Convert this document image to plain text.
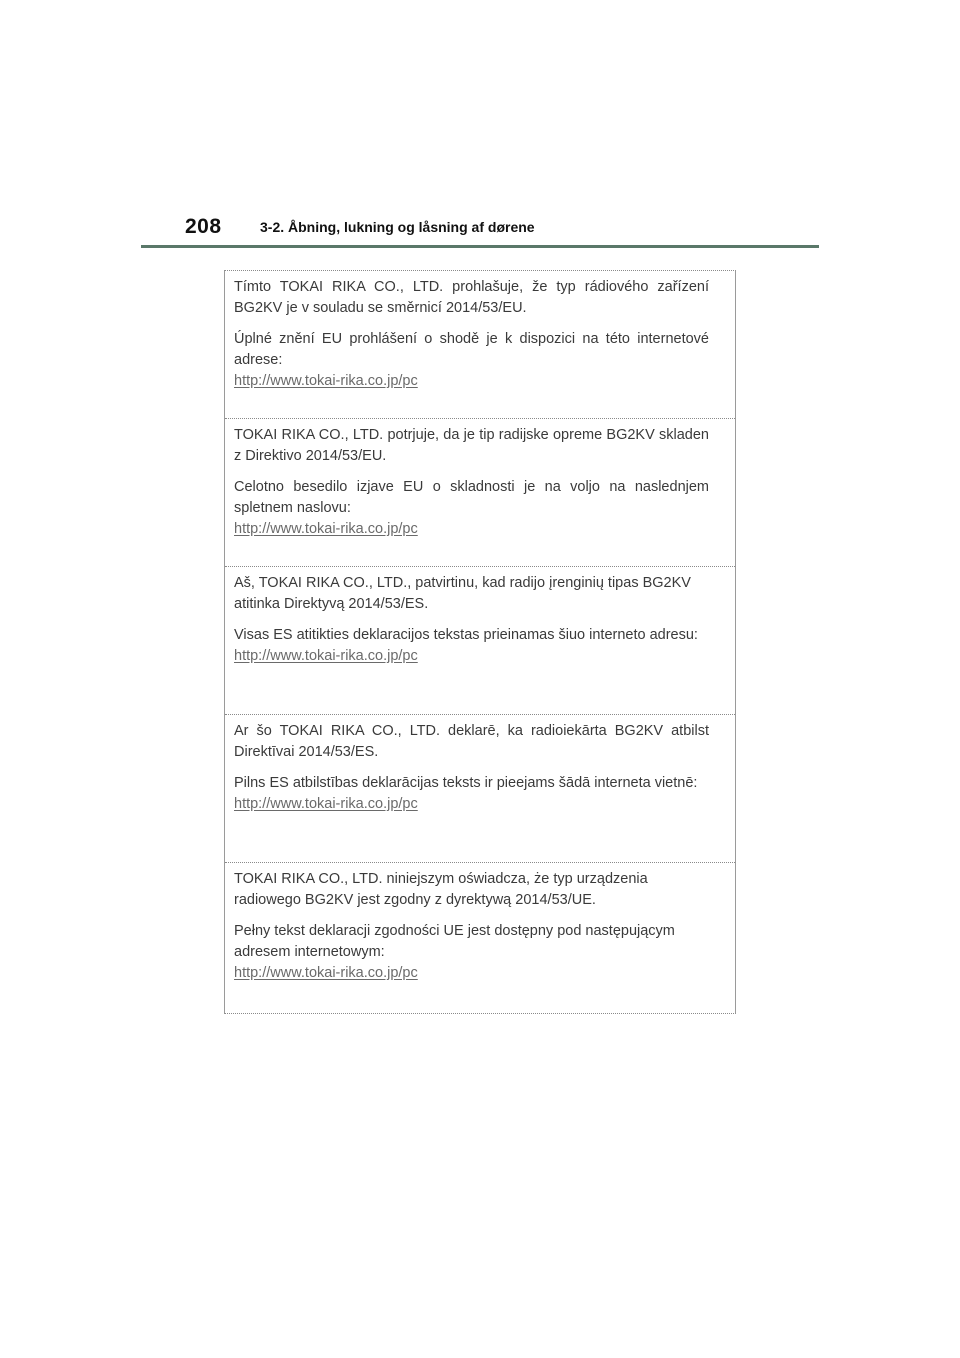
208	3-2. Åbning, lukning og låsning af dørene

Tímto TOKAI RIKA CO., LTD. prohlašuje, že typ rádiového zařízení BG2KV je v souladu se směrnicí 2014/53/EU.

Úplné znění EU prohlášení o shodě je k dispozici na této internetové adrese:

http://www.tokai-rika.co.jp/pc

TOKAI RIKA CO., LTD. potrjuje, da je tip radijske opreme BG2KV skladen z Direktivo 2014/53/EU.

Celotno besedilo izjave EU o skladnosti je na voljo na naslednjem spletnem naslovu:

http://www.tokai-rika.co.jp/pc

Aš, TOKAI RIKA CO., LTD., patvirtinu, kad radijo įrenginių tipas BG2KV atitinka Direktyvą 2014/53/ES.

Visas ES atitikties deklaracijos tekstas prieinamas šiuo interneto adresu:

http://www.tokai-rika.co.jp/pc

Ar šo TOKAI RIKA CO., LTD. deklarē, ka radioiekārta BG2KV atbilst Direktīvai 2014/53/ES.

Pilns ES atbilstības deklarācijas teksts ir pieejams šādā interneta vietnē:

http://www.tokai-rika.co.jp/pc

TOKAI RIKA CO., LTD. niniejszym oświadcza, że typ urządzenia radiowego BG2KV jest zgodny z dyrektywą 2014/53/UE.

Pełny tekst deklaracji zgodności UE jest dostępny pod następującym adresem internetowym:

http://www.tokai-rika.co.jp/pc
